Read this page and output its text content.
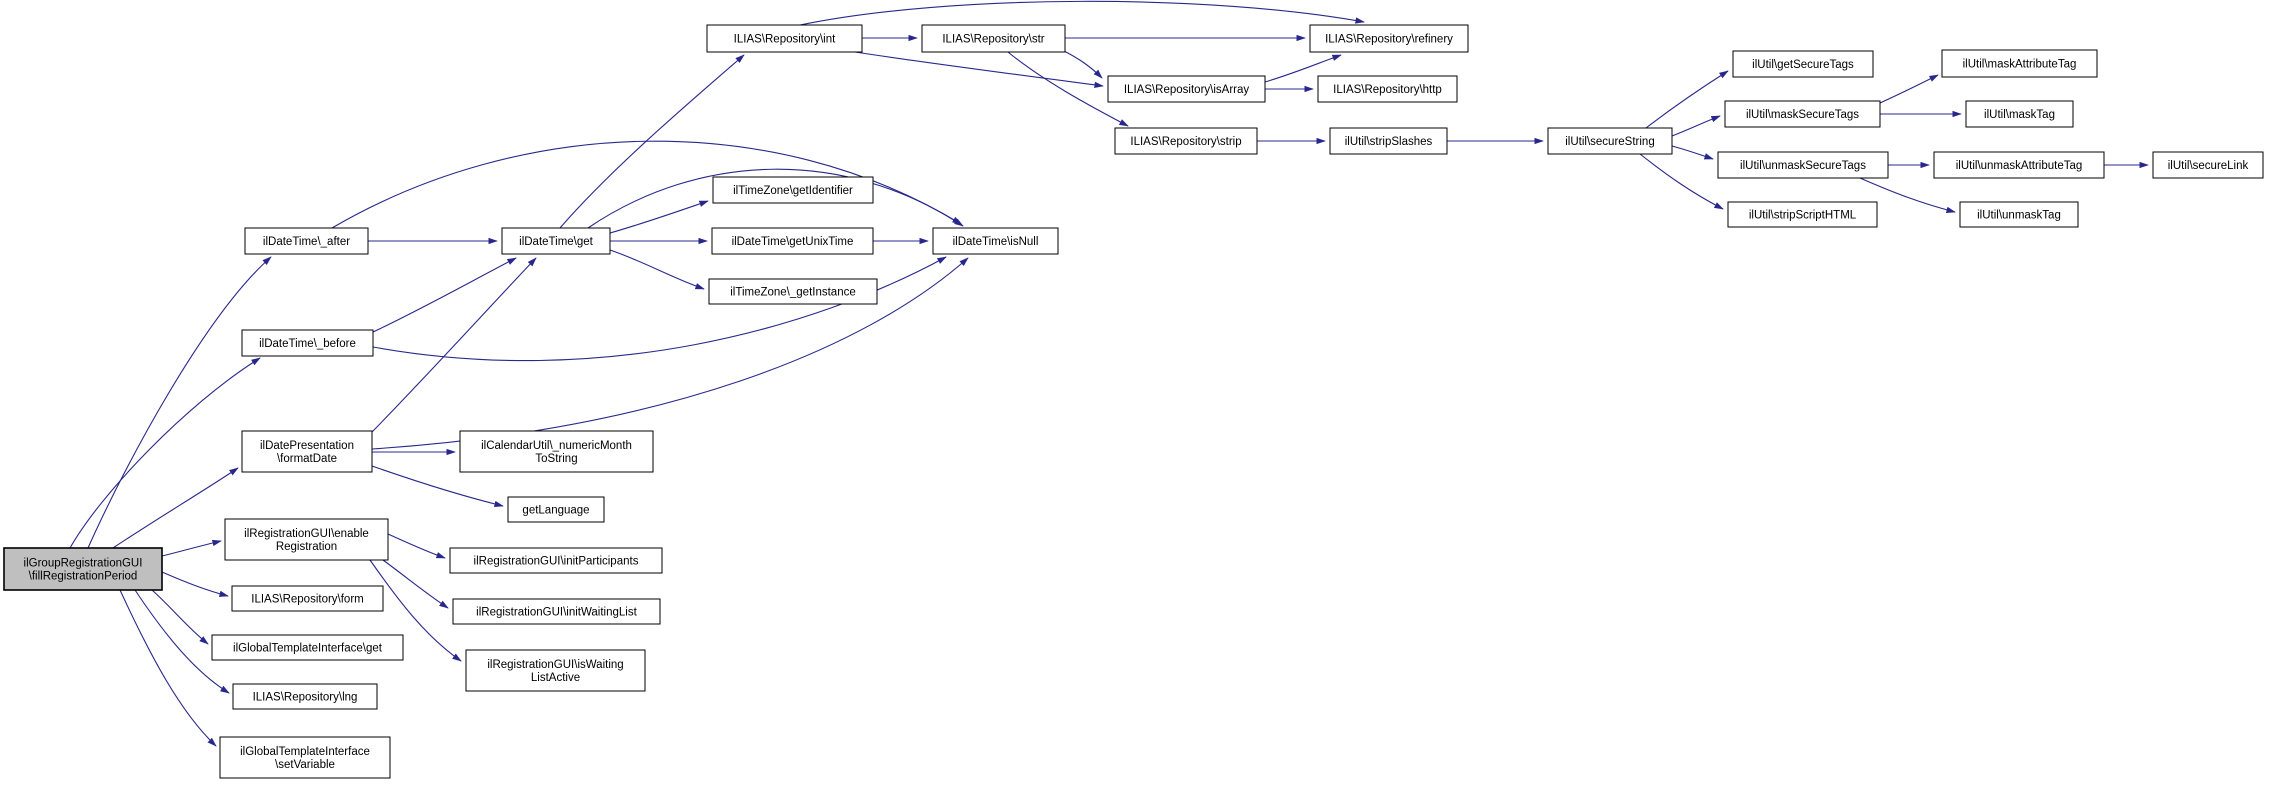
ilGroupRegistrationGUI
\fillRegistrationPeriod
ilDateTime\_after
ilDateTime\_before
ilDatePresentation
\formatDate
ilRegistrationGUI\enable
Registration
ILIAS\Repository\form
ilGlobalTemplateInterface\get
ILIAS\Repository\lng
ilGlobalTemplateInterface
\setVariable
ilDateTime\get
ilCalendarUtil\_numericMonth
ToString
getLanguage
ilRegistrationGUI\initParticipants
ilRegistrationGUI\initWaitingList
ilRegistrationGUI\isWaiting
ListActive
ilTimeZone\getIdentifier
ilDateTime\getUnixTime
ilTimeZone\_getInstance
ilDateTime\isNull
ILIAS\Repository\int	ILIAS\Repository\str	ILIAS\Repository\refinery
ILIAS\Repository\isArray	ILIAS\Repository\http
ILIAS\Repository\strip	ilUtil\stripSlashes	ilUtil\secureString
ilUtil\getSecureTags
ilUtil\maskSecureTags
ilUtil\unmaskSecureTags
ilUtil\stripScriptHTML
ilUtil\maskAttributeTag
ilUtil\maskTag
ilUtil\unmaskAttributeTag
ilUtil\unmaskTag
ilUtil\secureLink
